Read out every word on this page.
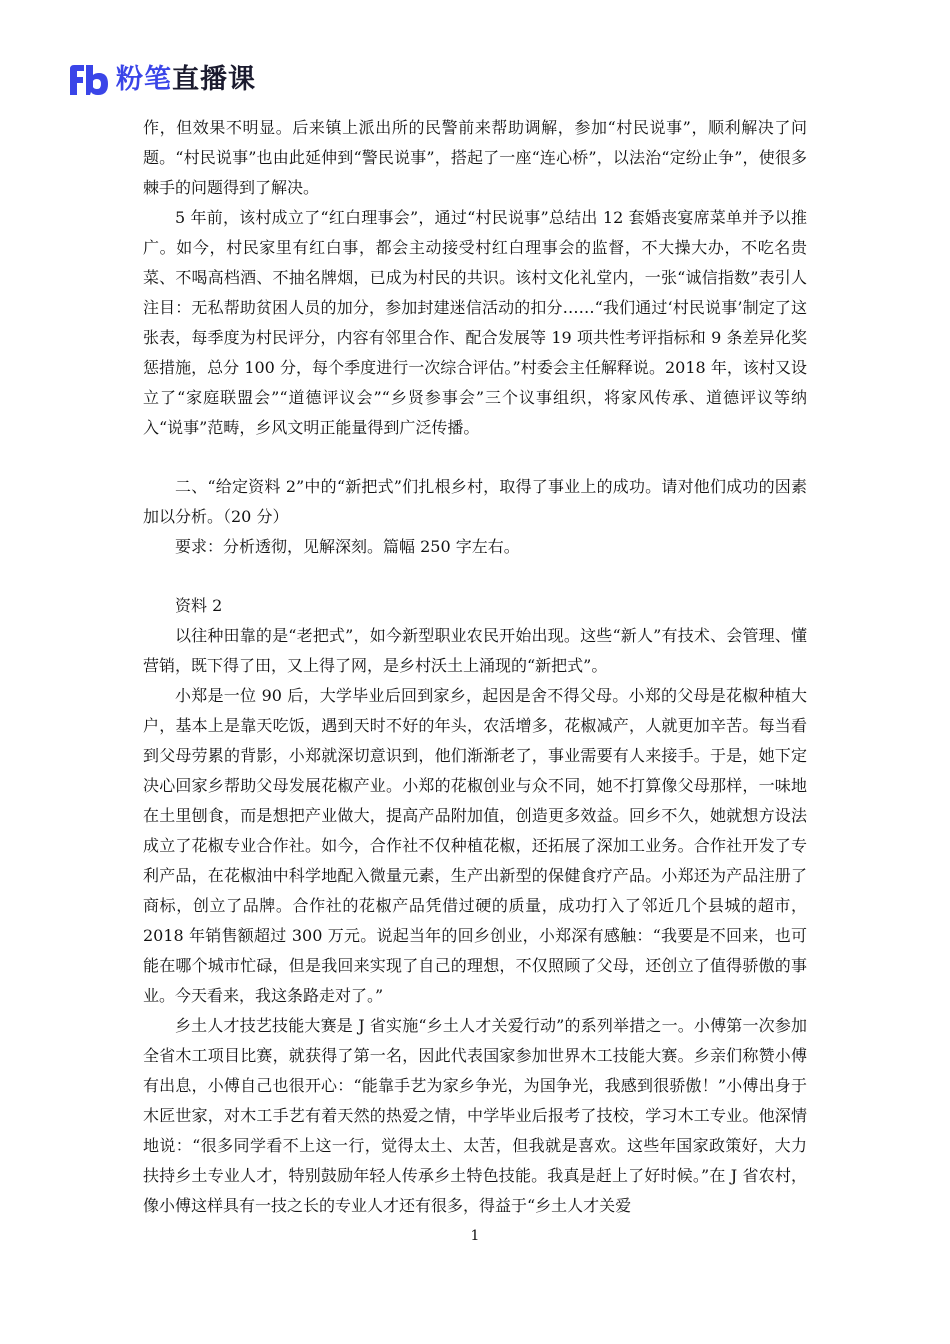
粉笔直播课

作，但效果不明显。后来镇上派出所的民警前来帮助调解，参加“村民说事”，顺利解决了问题。“村民说事”也由此延伸到“警民说事”，搭起了一座“连心桥”，以法治“定纷止争”，使很多棘手的问题得到了解决。

5 年前，该村成立了“红白理事会”，通过“村民说事”总结出 12 套婚丧宴席菜单并予以推广。如今，村民家里有红白事，都会主动接受村红白理事会的监督，不大操大办，不吃名贵菜、不喝高档酒、不抽名牌烟，已成为村民的共识。该村文化礼堂内，一张“诚信指数”表引人注目：无私帮助贫困人员的加分，参加封建迷信活动的扣分……“我们通过‘村民说事’制定了这张表，每季度为村民评分，内容有邻里合作、配合发展等 19 项共性考评指标和 9 条差异化奖惩措施，总分 100 分，每个季度进行一次综合评估。”村委会主任解释说。2018 年，该村又设立了“家庭联盟会”“道德评议会”“乡贤参事会”三个议事组织，将家风传承、道德评议等纳入“说事”范畴，乡风文明正能量得到广泛传播。

二、“给定资料 2”中的“新把式”们扎根乡村，取得了事业上的成功。请对他们成功的因素加以分析。（20 分）

要求：分析透彻，见解深刻。篇幅 250 字左右。

资料 2

以往种田靠的是“老把式”，如今新型职业农民开始出现。这些“新人”有技术、会管理、懂营销，既下得了田，又上得了网，是乡村沃土上涌现的“新把式”。

小郑是一位 90 后，大学毕业后回到家乡，起因是舍不得父母。小郑的父母是花椒种植大户，基本上是靠天吃饭，遇到天时不好的年头，农活增多，花椒减产，人就更加辛苦。每当看到父母劳累的背影，小郑就深切意识到，他们渐渐老了，事业需要有人来接手。于是，她下定决心回家乡帮助父母发展花椒产业。小郑的花椒创业与众不同，她不打算像父母那样，一味地在土里刨食，而是想把产业做大，提高产品附加值，创造更多效益。回乡不久，她就想方设法成立了花椒专业合作社。如今，合作社不仅种植花椒，还拓展了深加工业务。合作社开发了专利产品，在花椒油中科学地配入微量元素，生产出新型的保健食疗产品。小郑还为产品注册了商标，创立了品牌。合作社的花椒产品凭借过硬的质量，成功打入了邻近几个县城的超市，2018 年销售额超过 300 万元。说起当年的回乡创业，小郑深有感触：“我要是不回来，也可能在哪个城市忙碌，但是我回来实现了自己的理想，不仅照顾了父母，还创立了值得骄傲的事业。今天看来，我这条路走对了。”

乡土人才技艺技能大赛是 J 省实施“乡土人才关爱行动”的系列举措之一。小傅第一次参加全省木工项目比赛，就获得了第一名，因此代表国家参加世界木工技能大赛。乡亲们称赞小傅有出息，小傅自己也很开心：“能靠手艺为家乡争光，为国争光，我感到很骄傲！”小傅出身于木匠世家，对木工手艺有着天然的热爱之情，中学毕业后报考了技校，学习木工专业。他深情地说：“很多同学看不上这一行，觉得太土、太苦，但我就是喜欢。这些年国家政策好，大力扶持乡土专业人才，特别鼓励年轻人传承乡土特色技能。我真是赶上了好时候。”在 J 省农村，像小傅这样具有一技之长的专业人才还有很多，得益于“乡土人才关爱

1
